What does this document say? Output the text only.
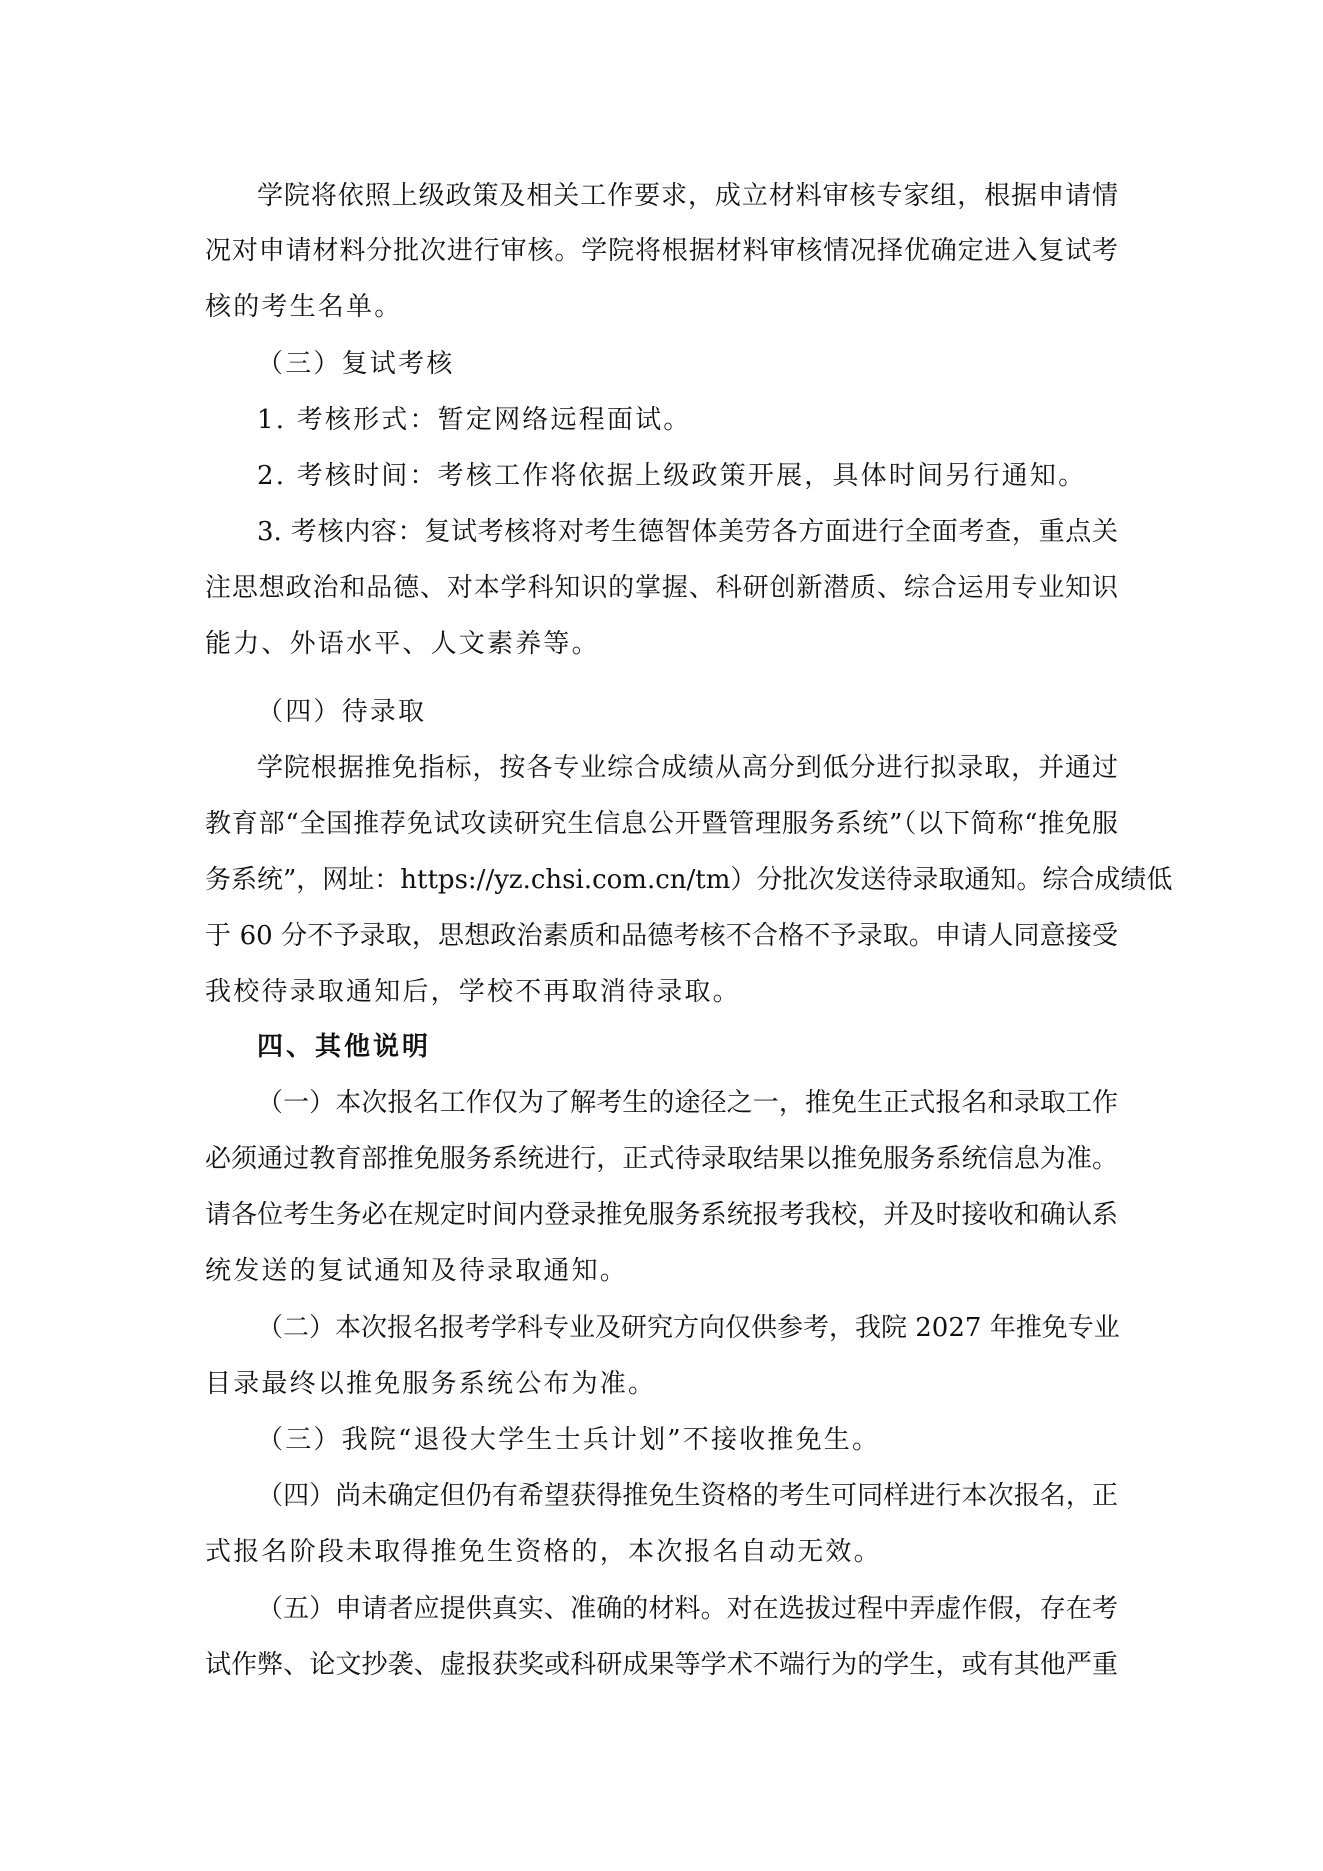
学院将依照上级政策及相关工作要求，成立材料审核专家组，根据申请情
况对申请材料分批次进行审核。学院将根据材料审核情况择优确定进入复试考
核的考生名单。
（三）复试考核
1. 考核形式：暂定网络远程面试。
2. 考核时间：考核工作将依据上级政策开展，具体时间另行通知。
3. 考核内容：复试考核将对考生德智体美劳各方面进行全面考查，重点关
注思想政治和品德、对本学科知识的掌握、科研创新潜质、综合运用专业知识
能力、外语水平、人文素养等。
（四）待录取
学院根据推免指标，按各专业综合成绩从高分到低分进行拟录取，并通过
教育部“全国推荐免试攻读研究生信息公开暨管理服务系统”（以下简称“推免服
务系统”，网址：https://yz.chsi.com.cn/tm）分批次发送待录取通知。综合成绩低
于 60 分不予录取，思想政治素质和品德考核不合格不予录取。申请人同意接受
我校待录取通知后，学校不再取消待录取。
四、其他说明
（一）本次报名工作仅为了解考生的途径之一，推免生正式报名和录取工作
必须通过教育部推免服务系统进行，正式待录取结果以推免服务系统信息为准。
请各位考生务必在规定时间内登录推免服务系统报考我校，并及时接收和确认系
统发送的复试通知及待录取通知。
（二）本次报名报考学科专业及研究方向仅供参考，我院 2027 年推免专业
目录最终以推免服务系统公布为准。
（三）我院“退役大学生士兵计划”不接收推免生。
（四）尚未确定但仍有希望获得推免生资格的考生可同样进行本次报名，正
式报名阶段未取得推免生资格的，本次报名自动无效。
（五）申请者应提供真实、准确的材料。对在选拔过程中弄虚作假，存在考
试作弊、论文抄袭、虚报获奖或科研成果等学术不端行为的学生，或有其他严重
